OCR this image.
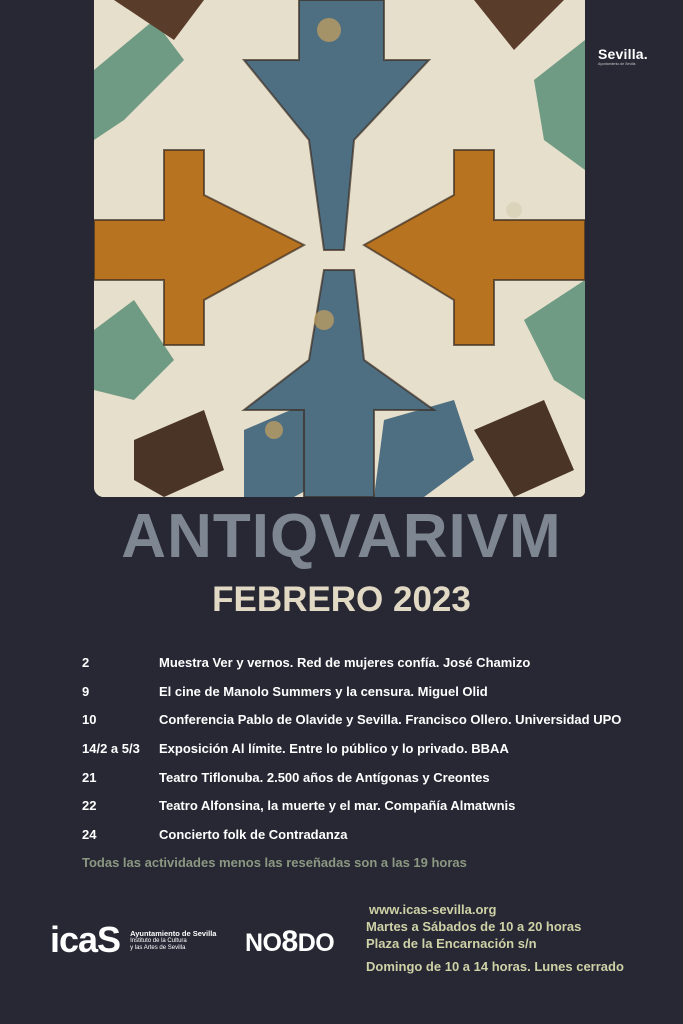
Sevilla.
Ayuntamiento de Sevilla
ANTIQVARIVM
FEBRERO 2023
2	Muestra Ver y vernos. Red de mujeres confía. José Chamizo
9	El cine de Manolo Summers y la censura. Miguel Olid
10	Conferencia Pablo de Olavide y Sevilla. Francisco Ollero. Universidad UPO
14/2 a 5/3	Exposición Al límite. Entre lo público y lo privado. BBAA
21	Teatro Tiflonuba. 2.500 años de Antígonas y Creontes
22	Teatro Alfonsina, la muerte y el mar. Compañía Almatwnis
24	Concierto folk de Contradanza
Todas las actividades menos las reseñadas son a las 19 horas
icaS Ayuntamiento de Sevilla
Instituto de la Cultura
y las Artes de Sevilla	NO8DO
www.icas-sevilla.org
Martes a Sábados de 10 a 20 horas
Plaza de la Encarnación s/n
Domingo de 10 a 14 horas. Lunes cerrado
